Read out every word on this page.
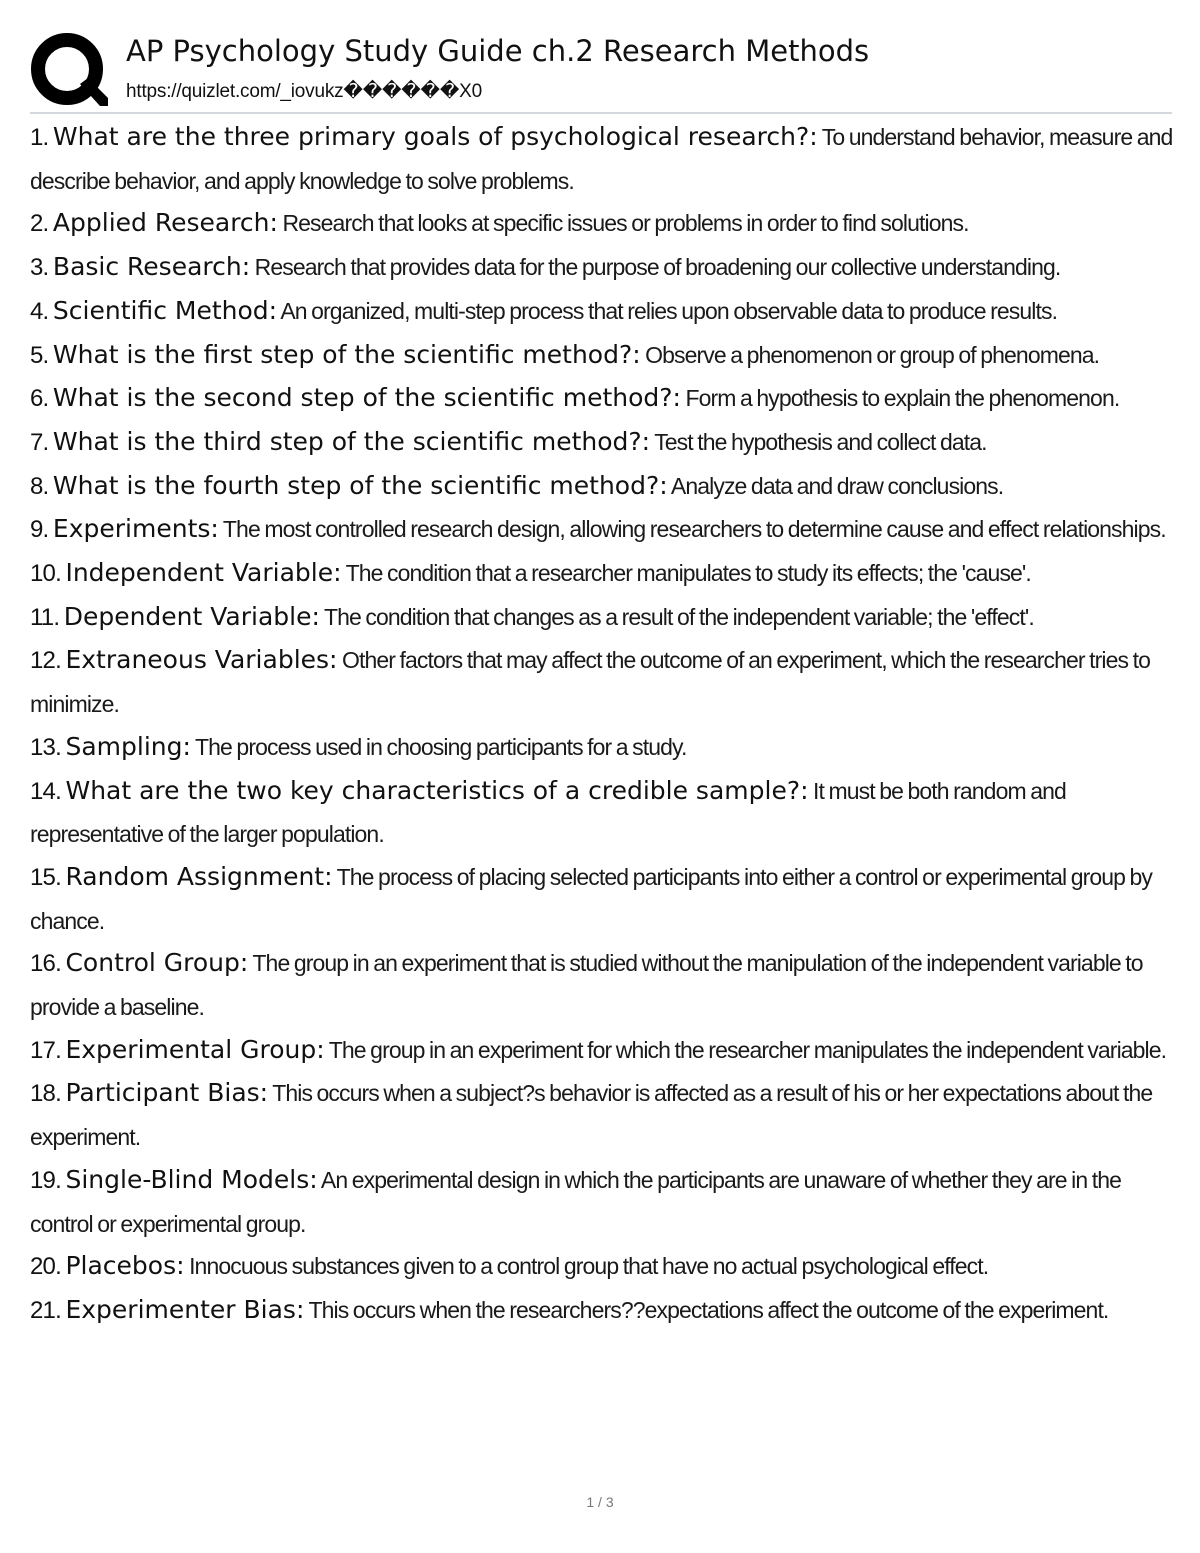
AP Psychology Study Guide ch.2 Research Methods
https://quizlet.com/_iovukz������X0

1. What are the three primary goals of psychological research?: To understand behavior, measure and describe behavior, and apply knowledge to solve problems.

2. Applied Research: Research that looks at specific issues or problems in order to find solutions.

3. Basic Research: Research that provides data for the purpose of broadening our collective understanding.

4. Scientific Method: An organized, multi-step process that relies upon observable data to produce results.

5. What is the first step of the scientific method?: Observe a phenomenon or group of phenomena.

6. What is the second step of the scientific method?: Form a hypothesis to explain the phenomenon.

7. What is the third step of the scientific method?: Test the hypothesis and collect data.

8. What is the fourth step of the scientific method?: Analyze data and draw conclusions.

9. Experiments: The most controlled research design, allowing researchers to determine cause and effect relationships.

10. Independent Variable: The condition that a researcher manipulates to study its effects; the 'cause'.

11. Dependent Variable: The condition that changes as a result of the independent variable; the 'effect'.

12. Extraneous Variables: Other factors that may affect the outcome of an experiment, which the researcher tries to minimize.

13. Sampling: The process used in choosing participants for a study.

14. What are the two key characteristics of a credible sample?: It must be both random and representative of the larger population.

15. Random Assignment: The process of placing selected participants into either a control or experimental group by chance.

16. Control Group: The group in an experiment that is studied without the manipulation of the independent variable to provide a baseline.

17. Experimental Group: The group in an experiment for which the researcher manipulates the independent variable.

18. Participant Bias: This occurs when a subject?s behavior is affected as a result of his or her expectations about the experiment.

19. Single-Blind Models: An experimental design in which the participants are unaware of whether they are in the control or experimental group.

20. Placebos: Innocuous substances given to a control group that have no actual psychological effect.

21. Experimenter Bias: This occurs when the researchers??expectations affect the outcome of the experiment.

1 / 3
